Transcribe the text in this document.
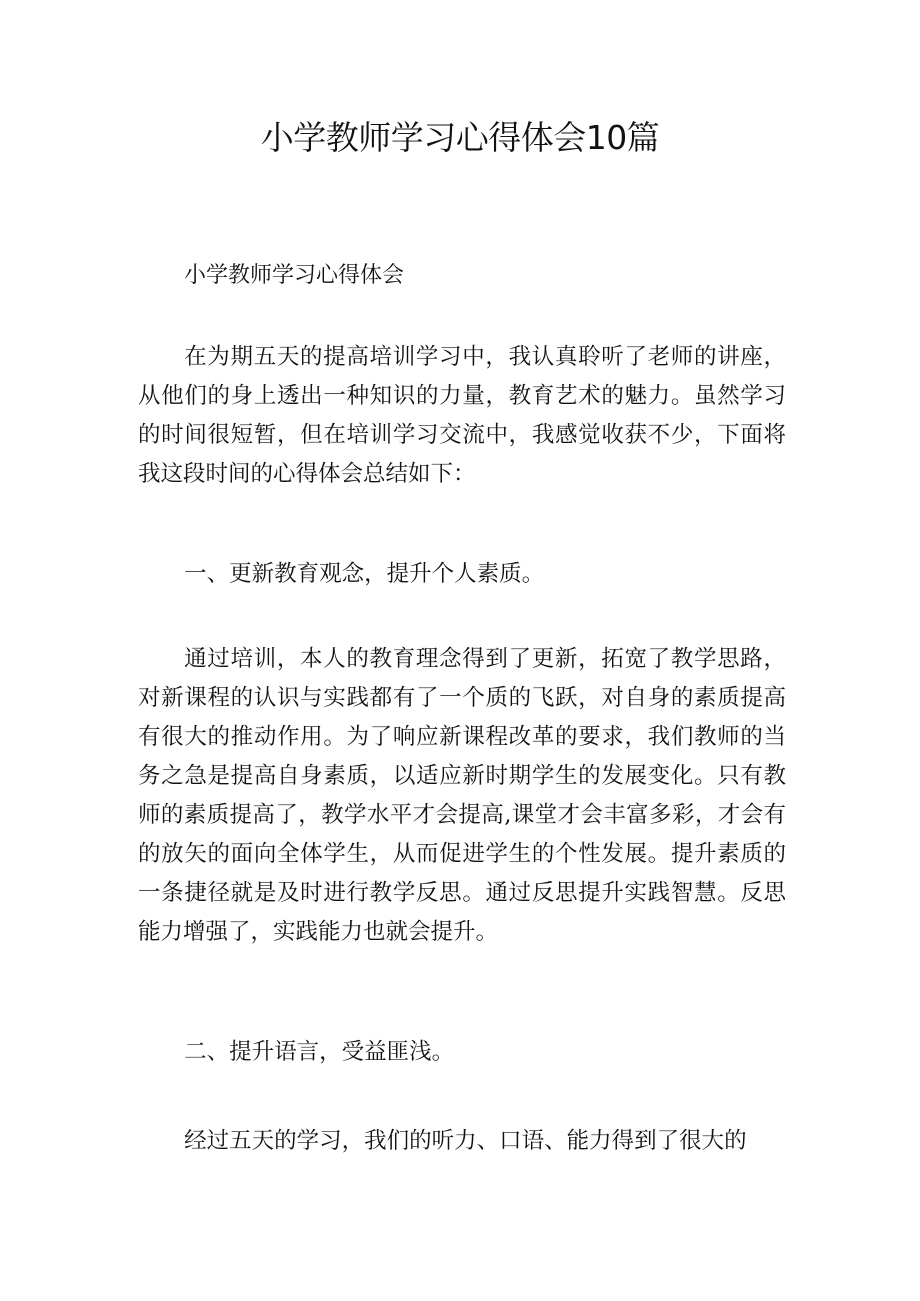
小学教师学习心得体会10篇

小学教师学习心得体会

在为期五天的提高培训学习中，我认真聆听了老师的讲座，从他们的身上透出一种知识的力量，教育艺术的魅力。虽然学习的时间很短暂，但在培训学习交流中，我感觉收获不少，下面将我这段时间的心得体会总结如下：

一、更新教育观念，提升个人素质。

通过培训，本人的教育理念得到了更新，拓宽了教学思路，对新课程的认识与实践都有了一个质的飞跃，对自身的素质提高有很大的推动作用。为了响应新课程改革的要求，我们教师的当务之急是提高自身素质，以适应新时期学生的发展变化。只有教师的素质提高了，教学水平才会提高,课堂才会丰富多彩，才会有的放矢的面向全体学生，从而促进学生的个性发展。提升素质的一条捷径就是及时进行教学反思。通过反思提升实践智慧。反思能力增强了，实践能力也就会提升。

二、提升语言，受益匪浅。

经过五天的学习，我们的听力、口语、能力得到了很大的
